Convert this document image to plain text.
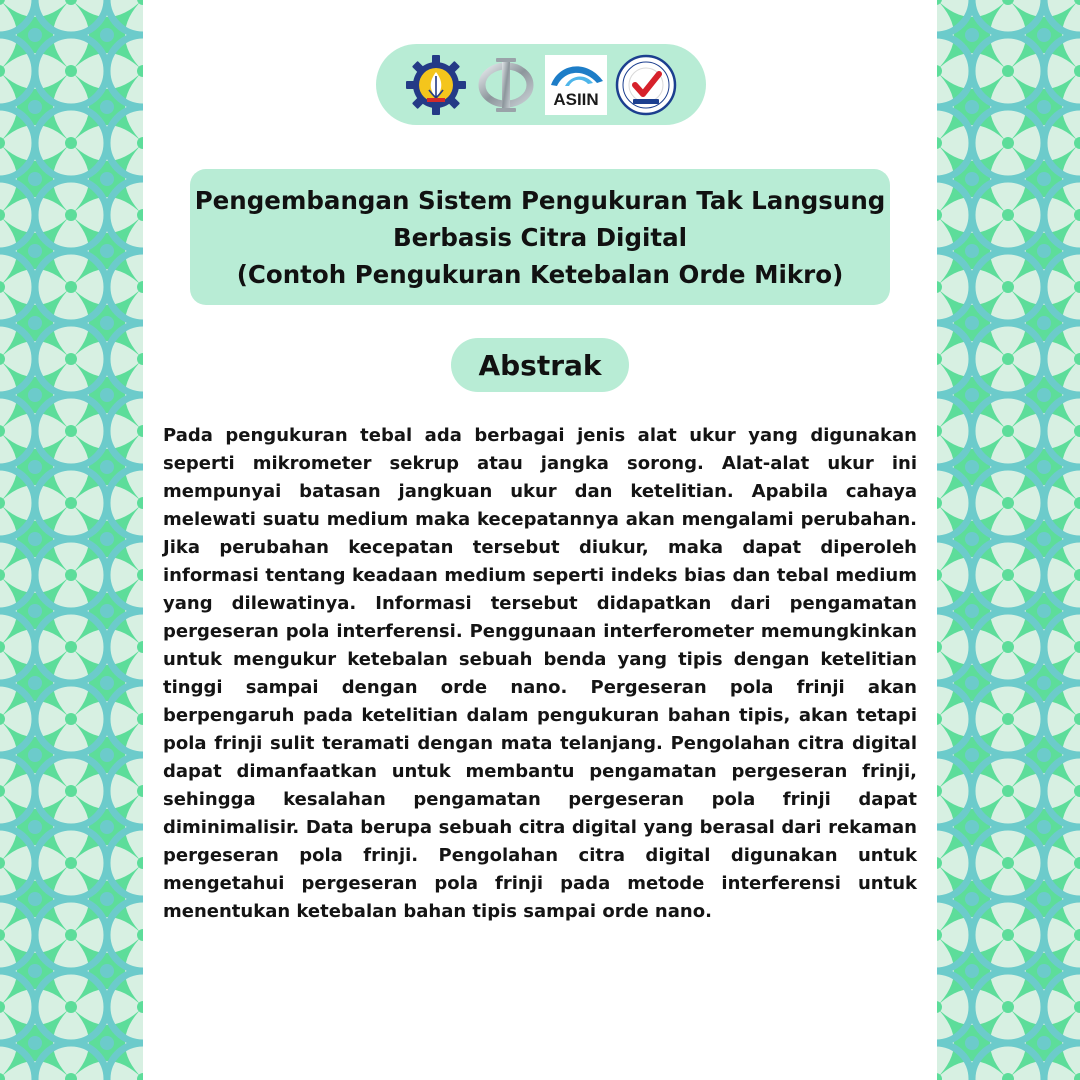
ASIIN
Pengembangan Sistem Pengukuran Tak Langsung
Berbasis Citra Digital
(Contoh Pengukuran Ketebalan Orde Mikro)
Abstrak

Pada pengukuran tebal ada berbagai jenis alat ukur yang digunakan seperti mikrometer sekrup atau jangka sorong. Alat-alat ukur ini mempunyai batasan jangkuan ukur dan ketelitian. Apabila cahaya melewati suatu medium maka kecepatannya akan mengalami perubahan. Jika perubahan kecepatan tersebut diukur, maka dapat diperoleh informasi tentang keadaan medium seperti indeks bias dan tebal medium yang dilewatinya. Informasi tersebut didapatkan dari pengamatan pergeseran pola interferensi. Penggunaan interferometer memungkinkan untuk mengukur ketebalan sebuah benda yang tipis dengan ketelitian tinggi sampai dengan orde nano. Pergeseran pola frinji akan berpengaruh pada ketelitian dalam pengukuran bahan tipis, akan tetapi pola frinji sulit teramati dengan mata telanjang. Pengolahan citra digital dapat dimanfaatkan untuk membantu pengamatan pergeseran frinji, sehingga kesalahan pengamatan pergeseran pola frinji dapat diminimalisir. Data berupa sebuah citra digital yang berasal dari rekaman pergeseran pola frinji. Pengolahan citra digital digunakan untuk mengetahui pergeseran pola frinji pada metode interferensi untuk menentukan ketebalan bahan tipis sampai orde nano.
